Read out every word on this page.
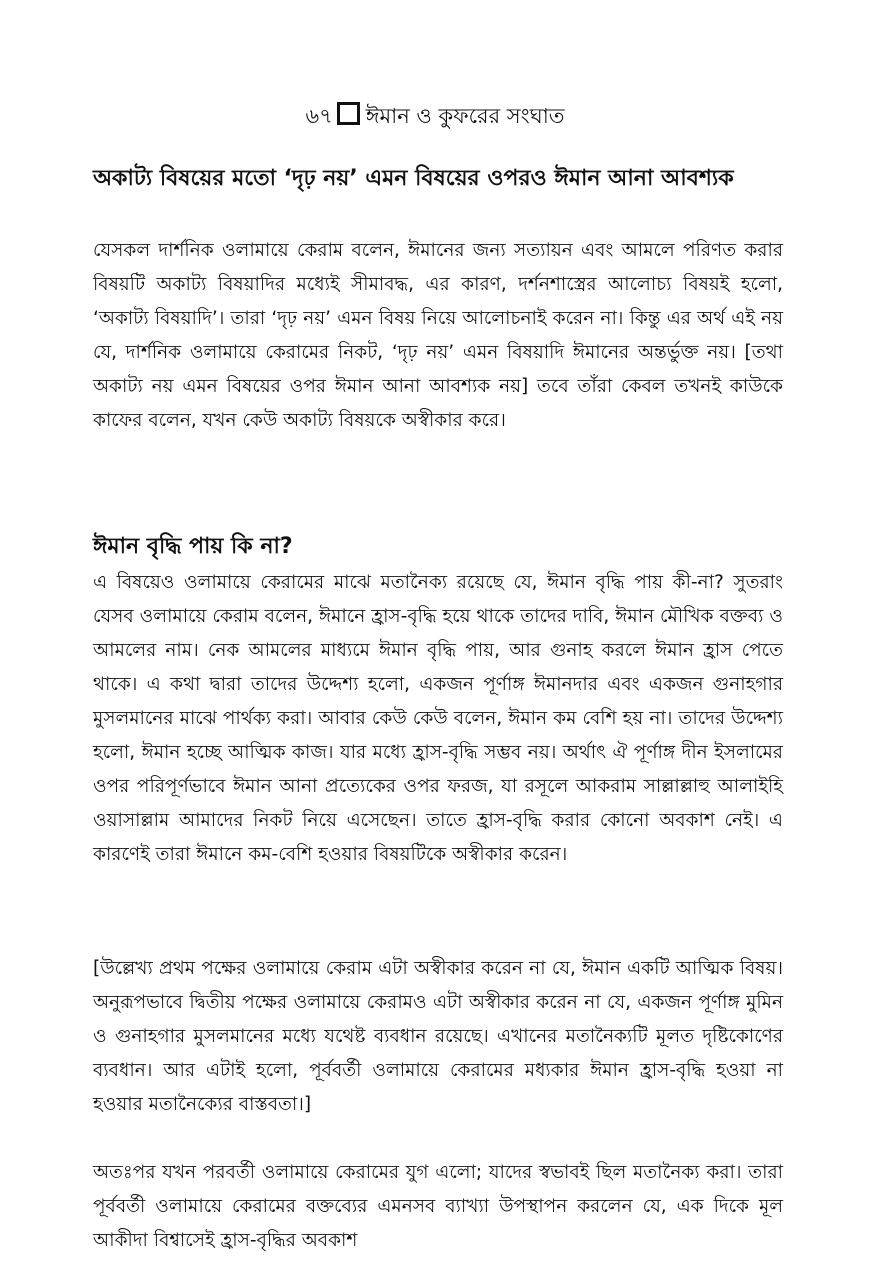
৬৭ ঈমান ও কুফরের সংঘাত
অকাট্য বিষয়ের মতো ‘দৃঢ় নয়’ এমন বিষয়ের ওপরও ঈমান আনা আবশ্যক

যেসকল দার্শনিক ওলামায়ে কেরাম বলেন, ঈমানের জন্য সত্যায়ন এবং আমলে পরিণত করার বিষয়টি অকাট্য বিষয়াদির মধ্যেই সীমাবদ্ধ, এর কারণ, দর্শনশাস্ত্রের আলোচ্য বিষয়ই হলো, ‘অকাট্য বিষয়াদি’। তারা ‘দৃঢ় নয়’ এমন বিষয় নিয়ে আলোচনাই করেন না। কিন্তু এর অর্থ এই নয় যে, দার্শনিক ওলামায়ে কেরামের নিকট, ‘দৃঢ় নয়’ এমন বিষয়াদি ঈমানের অন্তর্ভুক্ত নয়। [তথা অকাট্য নয় এমন বিষয়ের ওপর ঈমান আনা আবশ্যক নয়] তবে তাঁরা কেবল তখনই কাউকে কাফের বলেন, যখন কেউ অকাট্য বিষয়কে অস্বীকার করে।

ঈমান বৃদ্ধি পায় কি না?

এ বিষয়েও ওলামায়ে কেরামের মাঝে মতানৈক্য রয়েছে যে, ঈমান বৃদ্ধি পায় কী-না? সুতরাং যেসব ওলামায়ে কেরাম বলেন, ঈমানে হ্রাস-বৃদ্ধি হয়ে থাকে তাদের দাবি, ঈমান মৌখিক বক্তব্য ও আমলের নাম। নেক আমলের মাধ্যমে ঈমান বৃদ্ধি পায়, আর গুনাহ করলে ঈমান হ্রাস পেতে থাকে। এ কথা দ্বারা তাদের উদ্দেশ্য হলো, একজন পূর্ণাঙ্গ ঈমানদার এবং একজন গুনাহগার মুসলমানের মাঝে পার্থক্য করা। আবার কেউ কেউ বলেন, ঈমান কম বেশি হয় না। তাদের উদ্দেশ্য হলো, ঈমান হচ্ছে আত্মিক কাজ। যার মধ্যে হ্রাস-বৃদ্ধি সম্ভব নয়। অর্থাৎ ঐ পূর্ণাঙ্গ দীন ইসলামের ওপর পরিপূর্ণভাবে ঈমান আনা প্রত্যেকের ওপর ফরজ, যা রসূলে আকরাম সাল্লাল্লাহু আলাইহি ওয়াসাল্লাম আমাদের নিকট নিয়ে এসেছেন। তাতে হ্রাস-বৃদ্ধি করার কোনো অবকাশ নেই। এ কারণেই তারা ঈমানে কম-বেশি হওয়ার বিষয়টিকে অস্বীকার করেন।

[উল্লেখ্য প্রথম পক্ষের ওলামায়ে কেরাম এটা অস্বীকার করেন না যে, ঈমান একটি আত্মিক বিষয়। অনুরূপভাবে দ্বিতীয় পক্ষের ওলামায়ে কেরামও এটা অস্বীকার করেন না যে, একজন পূর্ণাঙ্গ মুমিন ও গুনাহগার মুসলমানের মধ্যে যথেষ্ট ব্যবধান রয়েছে। এখানের মতানৈক্যটি মূলত দৃষ্টিকোণের ব্যবধান। আর এটাই হলো, পূর্ববর্তী ওলামায়ে কেরামের মধ্যকার ঈমান হ্রাস-বৃদ্ধি হওয়া না হওয়ার মতানৈক্যের বাস্তবতা।]

অতঃপর যখন পরবর্তী ওলামায়ে কেরামের যুগ এলো; যাদের স্বভাবই ছিল মতানৈক্য করা। তারা পূর্ববর্তী ওলামায়ে কেরামের বক্তব্যের এমনসব ব্যাখ্যা উপস্থাপন করলেন যে, এক দিকে মূল আকীদা বিশ্বাসেই হ্রাস-বৃদ্ধির অবকাশ
